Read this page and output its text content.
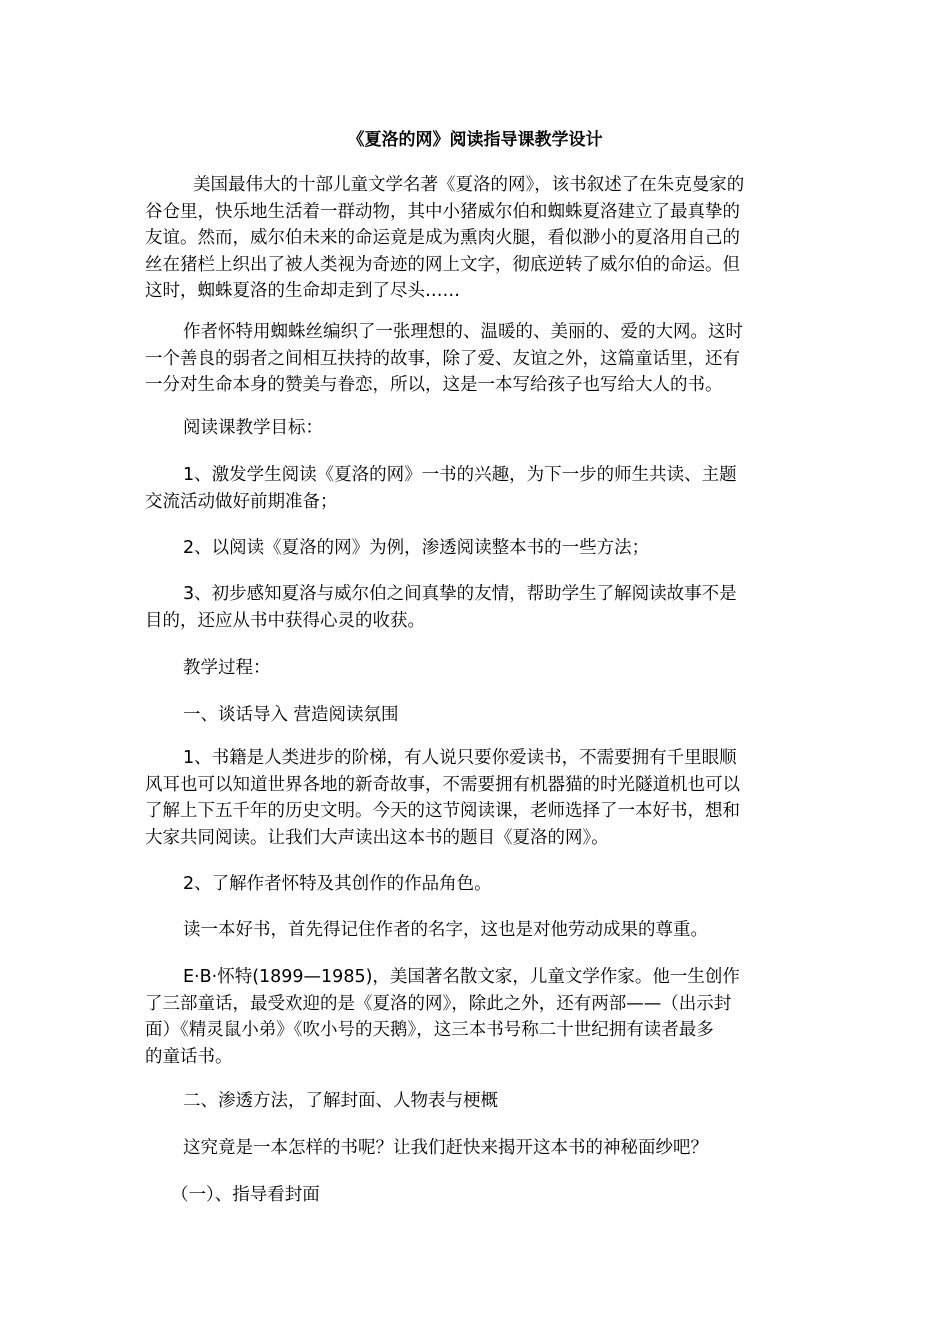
《夏洛的网》阅读指导课教学设计
美国最伟大的十部儿童文学名著《夏洛的网》，该书叙述了在朱克曼家的
谷仓里，快乐地生活着一群动物，其中小猪威尔伯和蜘蛛夏洛建立了最真挚的
友谊。然而，威尔伯未来的命运竟是成为熏肉火腿，看似渺小的夏洛用自己的
丝在猪栏上织出了被人类视为奇迹的网上文字，彻底逆转了威尔伯的命运。但
这时，蜘蛛夏洛的生命却走到了尽头……
作者怀特用蜘蛛丝编织了一张理想的、温暖的、美丽的、爱的大网。这时
一个善良的弱者之间相互扶持的故事，除了爱、友谊之外，这篇童话里，还有
一分对生命本身的赞美与眷恋，所以，这是一本写给孩子也写给大人的书。
阅读课教学目标：
1、激发学生阅读《夏洛的网》一书的兴趣，为下一步的师生共读、主题
交流活动做好前期准备；
2、以阅读《夏洛的网》为例，渗透阅读整本书的一些方法；
3、初步感知夏洛与威尔伯之间真挚的友情，帮助学生了解阅读故事不是
目的，还应从书中获得心灵的收获。
教学过程：
一、谈话导入 营造阅读氛围
1、书籍是人类进步的阶梯，有人说只要你爱读书，不需要拥有千里眼顺
风耳也可以知道世界各地的新奇故事，不需要拥有机器猫的时光隧道机也可以
了解上下五千年的历史文明。今天的这节阅读课，老师选择了一本好书，想和
大家共同阅读。让我们大声读出这本书的题目《夏洛的网》。
2、了解作者怀特及其创作的作品角色。
读一本好书，首先得记住作者的名字，这也是对他劳动成果的尊重。
E·B·怀特(1899—1985)，美国著名散文家，儿童文学作家。他一生创作
了三部童话，最受欢迎的是《夏洛的网》，除此之外，还有两部——（出示封
面）《精灵鼠小弟》《吹小号的天鹅》，这三本书号称二十世纪拥有读者最多
的童话书。
二、渗透方法，了解封面、人物表与梗概
这究竟是一本怎样的书呢？让我们赶快来揭开这本书的神秘面纱吧？
（一）、指导看封面
